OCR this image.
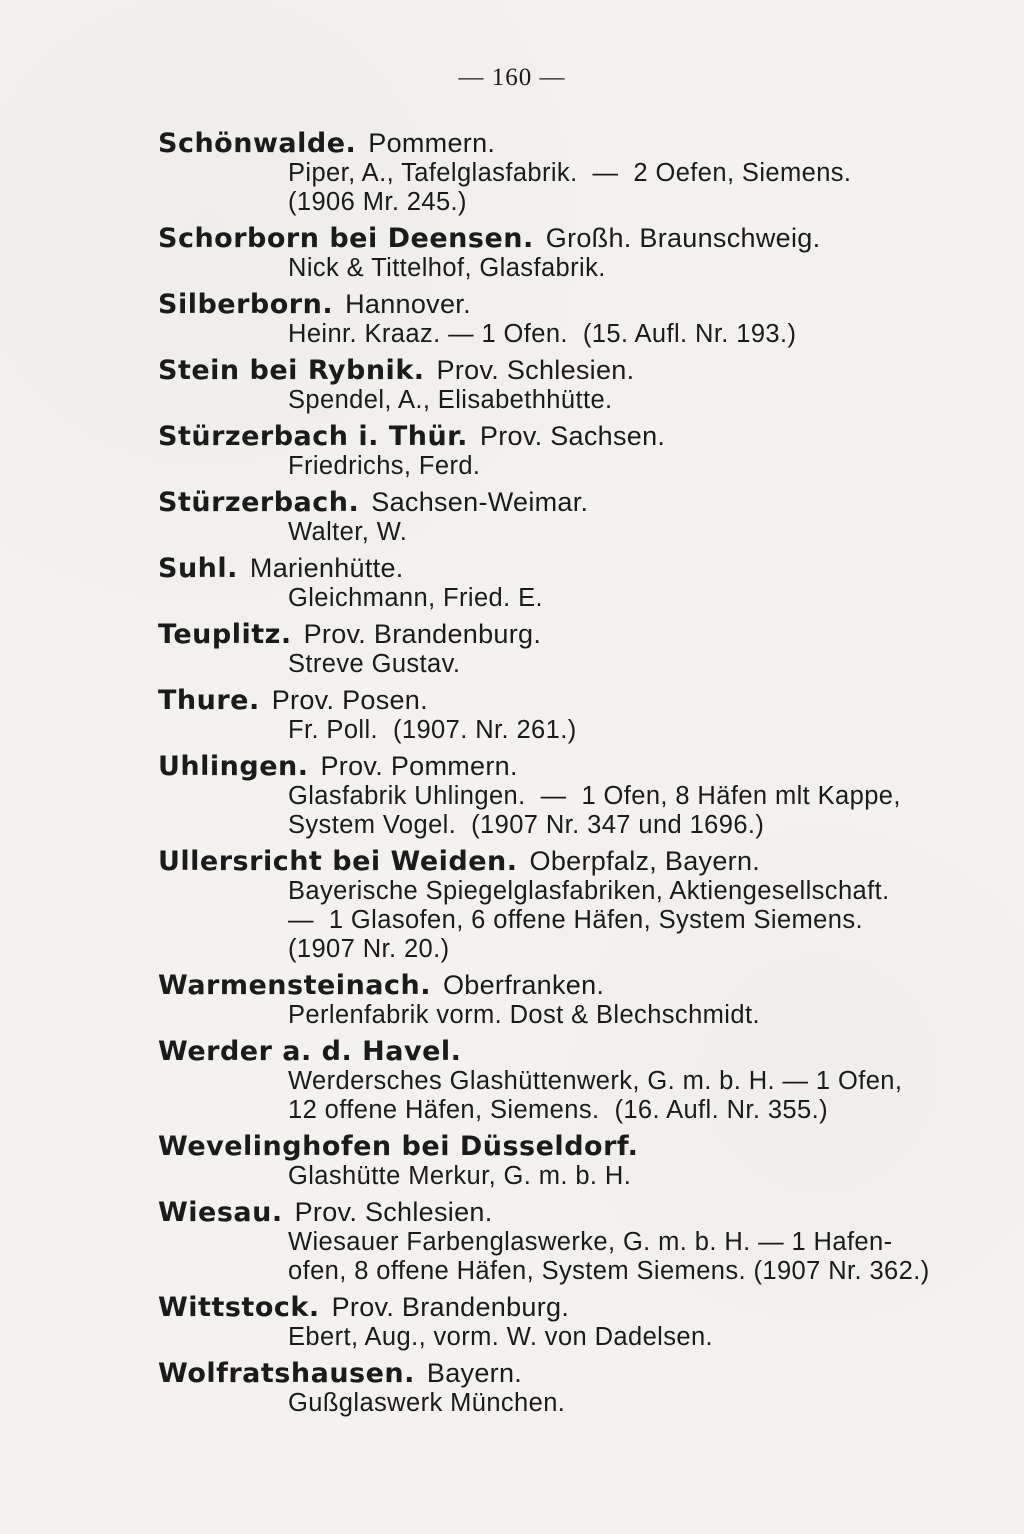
— 160 —
Schönwalde. Pommern.
Piper, A., Tafelglasfabrik.  —  2 Oefen, Siemens.
(1906 Mr. 245.)
Schorborn bei Deensen. Großh. Braunschweig.
Nick & Tittelhof, Glasfabrik.
Silberborn. Hannover.
Heinr. Kraaz. — 1 Ofen.  (15. Aufl. Nr. 193.)
Stein bei Rybnik. Prov. Schlesien.
Spendel, A., Elisabethhütte.
Stürzerbach i. Thür. Prov. Sachsen.
Friedrichs, Ferd.
Stürzerbach. Sachsen-Weimar.
Walter, W.
Suhl. Marienhütte.
Gleichmann, Fried. E.
Teuplitz. Prov. Brandenburg.
Streve Gustav.
Thure. Prov. Posen.
Fr. Poll.  (1907. Nr. 261.)
Uhlingen. Prov. Pommern.
Glasfabrik Uhlingen.  —  1 Ofen, 8 Häfen mlt Kappe,
System Vogel.  (1907 Nr. 347 und 1696.)
Ullersricht bei Weiden. Oberpfalz, Bayern.
Bayerische Spiegelglasfabriken, Aktiengesellschaft.
—  1 Glasofen, 6 offene Häfen, System Siemens.
(1907 Nr. 20.)
Warmensteinach. Oberfranken.
Perlenfabrik vorm. Dost & Blechschmidt.
Werder a. d. Havel.
Werdersches Glashüttenwerk, G. m. b. H. — 1 Ofen,
12 offene Häfen, Siemens.  (16. Aufl. Nr. 355.)
Wevelinghofen bei Düsseldorf.
Glashütte Merkur, G. m. b. H.
Wiesau. Prov. Schlesien.
Wiesauer Farbenglaswerke, G. m. b. H. — 1 Hafen-
ofen, 8 offene Häfen, System Siemens. (1907 Nr. 362.)
Wittstock. Prov. Brandenburg.
Ebert, Aug., vorm. W. von Dadelsen.
Wolfratshausen. Bayern.
Gußglaswerk München.
